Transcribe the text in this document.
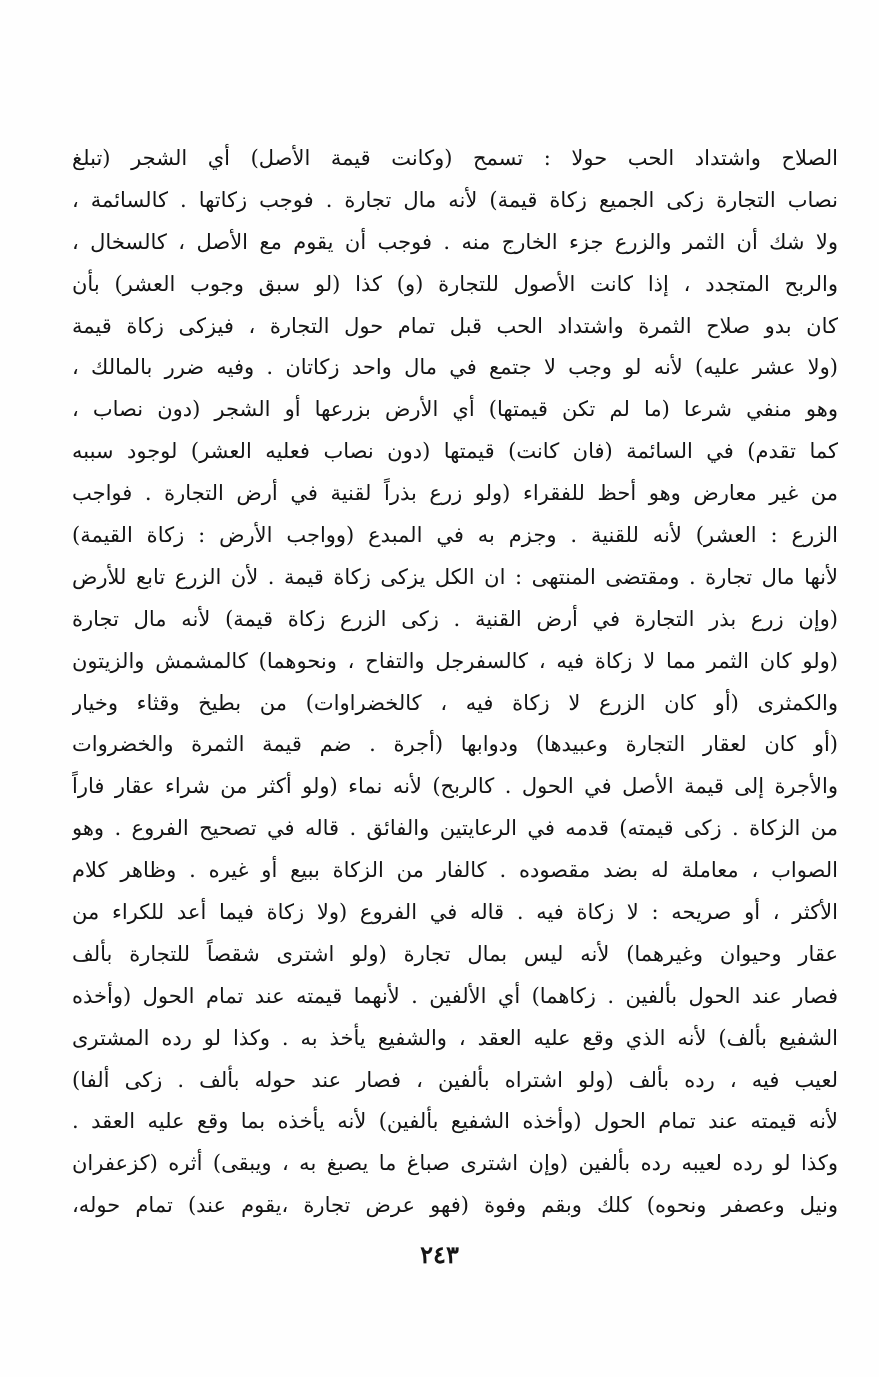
الصلاح واشتداد الحب حولا : تسمح (وكانت قيمة الأصل) أي الشجر (تبلغ
نصاب التجارة زكى الجميع زكاة قيمة) لأنه مال تجارة . فوجب زكاتها . كالسائمة ،
ولا شك أن الثمر والزرع جزء الخارج منه . فوجب أن يقوم مع الأصل ، كالسخال ،
والربح المتجدد ، إذا كانت الأصول للتجارة (و) كذا (لو سبق وجوب العشر) بأن
كان بدو صلاح الثمرة واشتداد الحب قبل تمام حول التجارة ، فيزكى زكاة قيمة
(ولا عشر عليه) لأنه لو وجب لا جتمع في مال واحد زكاتان . وفيه ضرر بالمالك ،
وهو منفي شرعا (ما لم تكن قيمتها) أي الأرض بزرعها أو الشجر (دون نصاب ،
كما تقدم) في السائمة (فان كانت) قيمتها (دون نصاب فعليه العشر) لوجود سببه
من غير معارض وهو أحظ للفقراء (ولو زرع بذراً لقنية في أرض التجارة . فواجب
الزرع : العشر) لأنه للقنية . وجزم به في المبدع (وواجب الأرض : زكاة القيمة)
لأنها مال تجارة . ومقتضى المنتهى : ان الكل يزكى زكاة قيمة . لأن الزرع تابع للأرض
(وإن زرع بذر التجارة في أرض القنية . زكى الزرع زكاة قيمة) لأنه مال تجارة
(ولو كان الثمر مما لا زكاة فيه ، كالسفرجل والتفاح ، ونحوهما) كالمشمش والزيتون
والكمثرى (أو كان الزرع لا زكاة فيه ، كالخضراوات) من بطيخ وقثاء وخيار
(أو كان لعقار التجارة وعبيدها) ودوابها (أجرة . ضم قيمة الثمرة والخضروات
والأجرة إلى قيمة الأصل في الحول . كالربح) لأنه نماء (ولو أكثر من شراء عقار فاراً
من الزكاة . زكى قيمته) قدمه في الرعايتين والفائق . قاله في تصحيح الفروع . وهو
الصواب ، معاملة له بضد مقصوده . كالفار من الزكاة ببيع أو غيره . وظاهر كلام
الأكثر ، أو صريحه : لا زكاة فيه . قاله في الفروع (ولا زكاة فيما أعد للكراء من
عقار وحيوان وغيرهما) لأنه ليس بمال تجارة (ولو اشترى شقصاً للتجارة بألف
فصار عند الحول بألفين . زكاهما) أي الألفين . لأنهما قيمته عند تمام الحول (وأخذه
الشفيع بألف) لأنه الذي وقع عليه العقد ، والشفيع يأخذ به . وكذا لو رده المشترى
لعيب فيه ، رده بألف (ولو اشتراه بألفين ، فصار عند حوله بألف . زكى ألفا)
لأنه قيمته عند تمام الحول (وأخذه الشفيع بألفين) لأنه يأخذه بما وقع عليه العقد .
وكذا لو رده لعيبه رده بألفين (وإن اشترى صباغ ما يصبغ به ، ويبقى) أثره (كزعفران
ونيل وعصفر ونحوه) كلك وبقم وفوة (فهو عرض تجارة ،يقوم عند) تمام حوله،
٢٤٣
